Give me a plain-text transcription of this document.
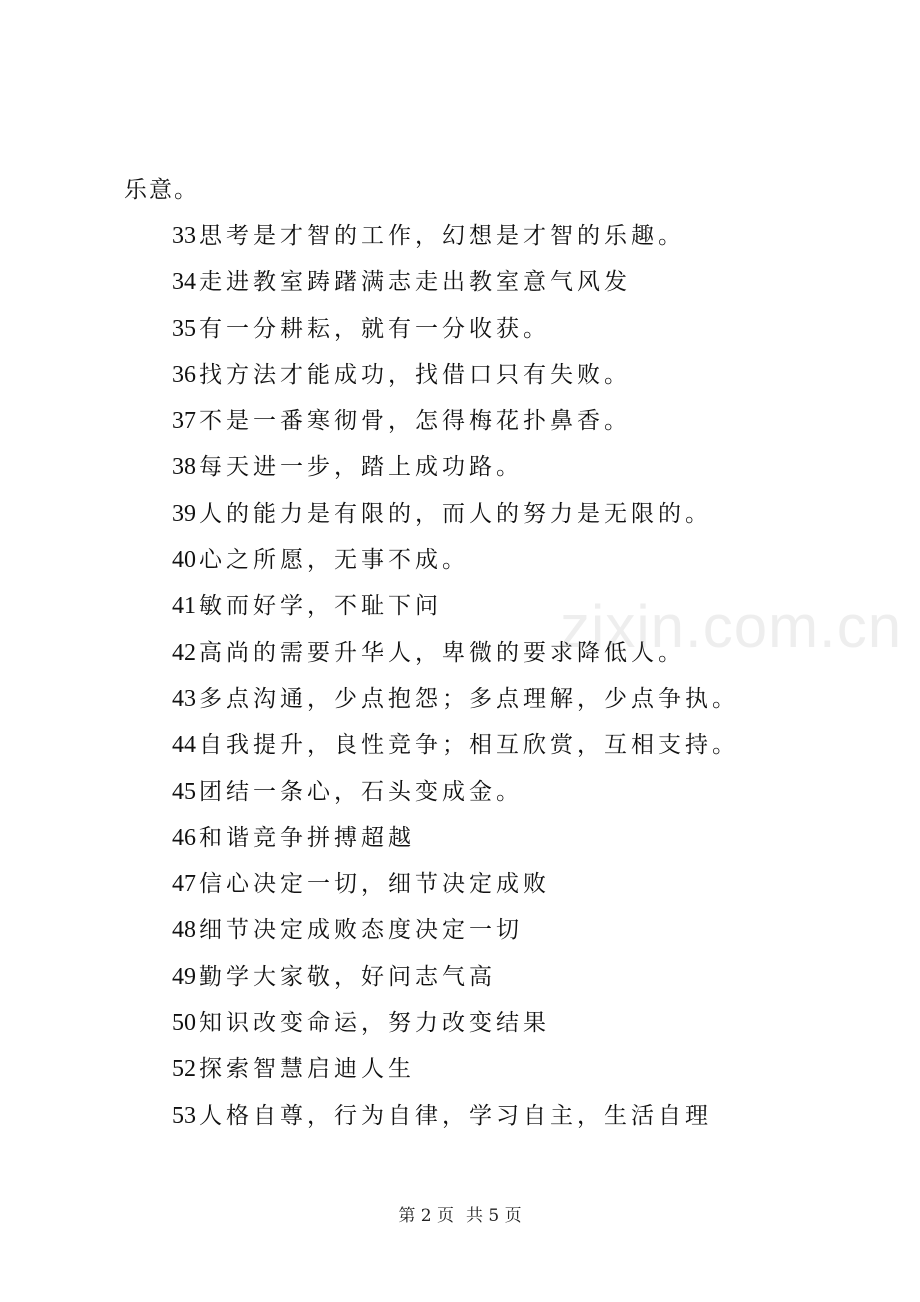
乐意。
33 思考是才智的工作，幻想是才智的乐趣。
34 走进教室踌躇满志走出教室意气风发
35 有一分耕耘，就有一分收获。
36 找方法才能成功，找借口只有失败。
37 不是一番寒彻骨，怎得梅花扑鼻香。
38 每天进一步，踏上成功路。
39 人的能力是有限的，而人的努力是无限的。
40 心之所愿，无事不成。
41 敏而好学，不耻下问
42 高尚的需要升华人，卑微的要求降低人。
43 多点沟通，少点抱怨；多点理解，少点争执。
44 自我提升，良性竞争；相互欣赏，互相支持。
45 团结一条心，石头变成金。
46 和谐竞争拼搏超越
47 信心决定一切，细节决定成败
48 细节决定成败态度决定一切
49 勤学大家敬，好问志气高
50 知识改变命运，努力改变结果
52 探索智慧启迪人生
53 人格自尊，行为自律，学习自主，生活自理
zixin.com.cn
第 2 页 共 5 页
